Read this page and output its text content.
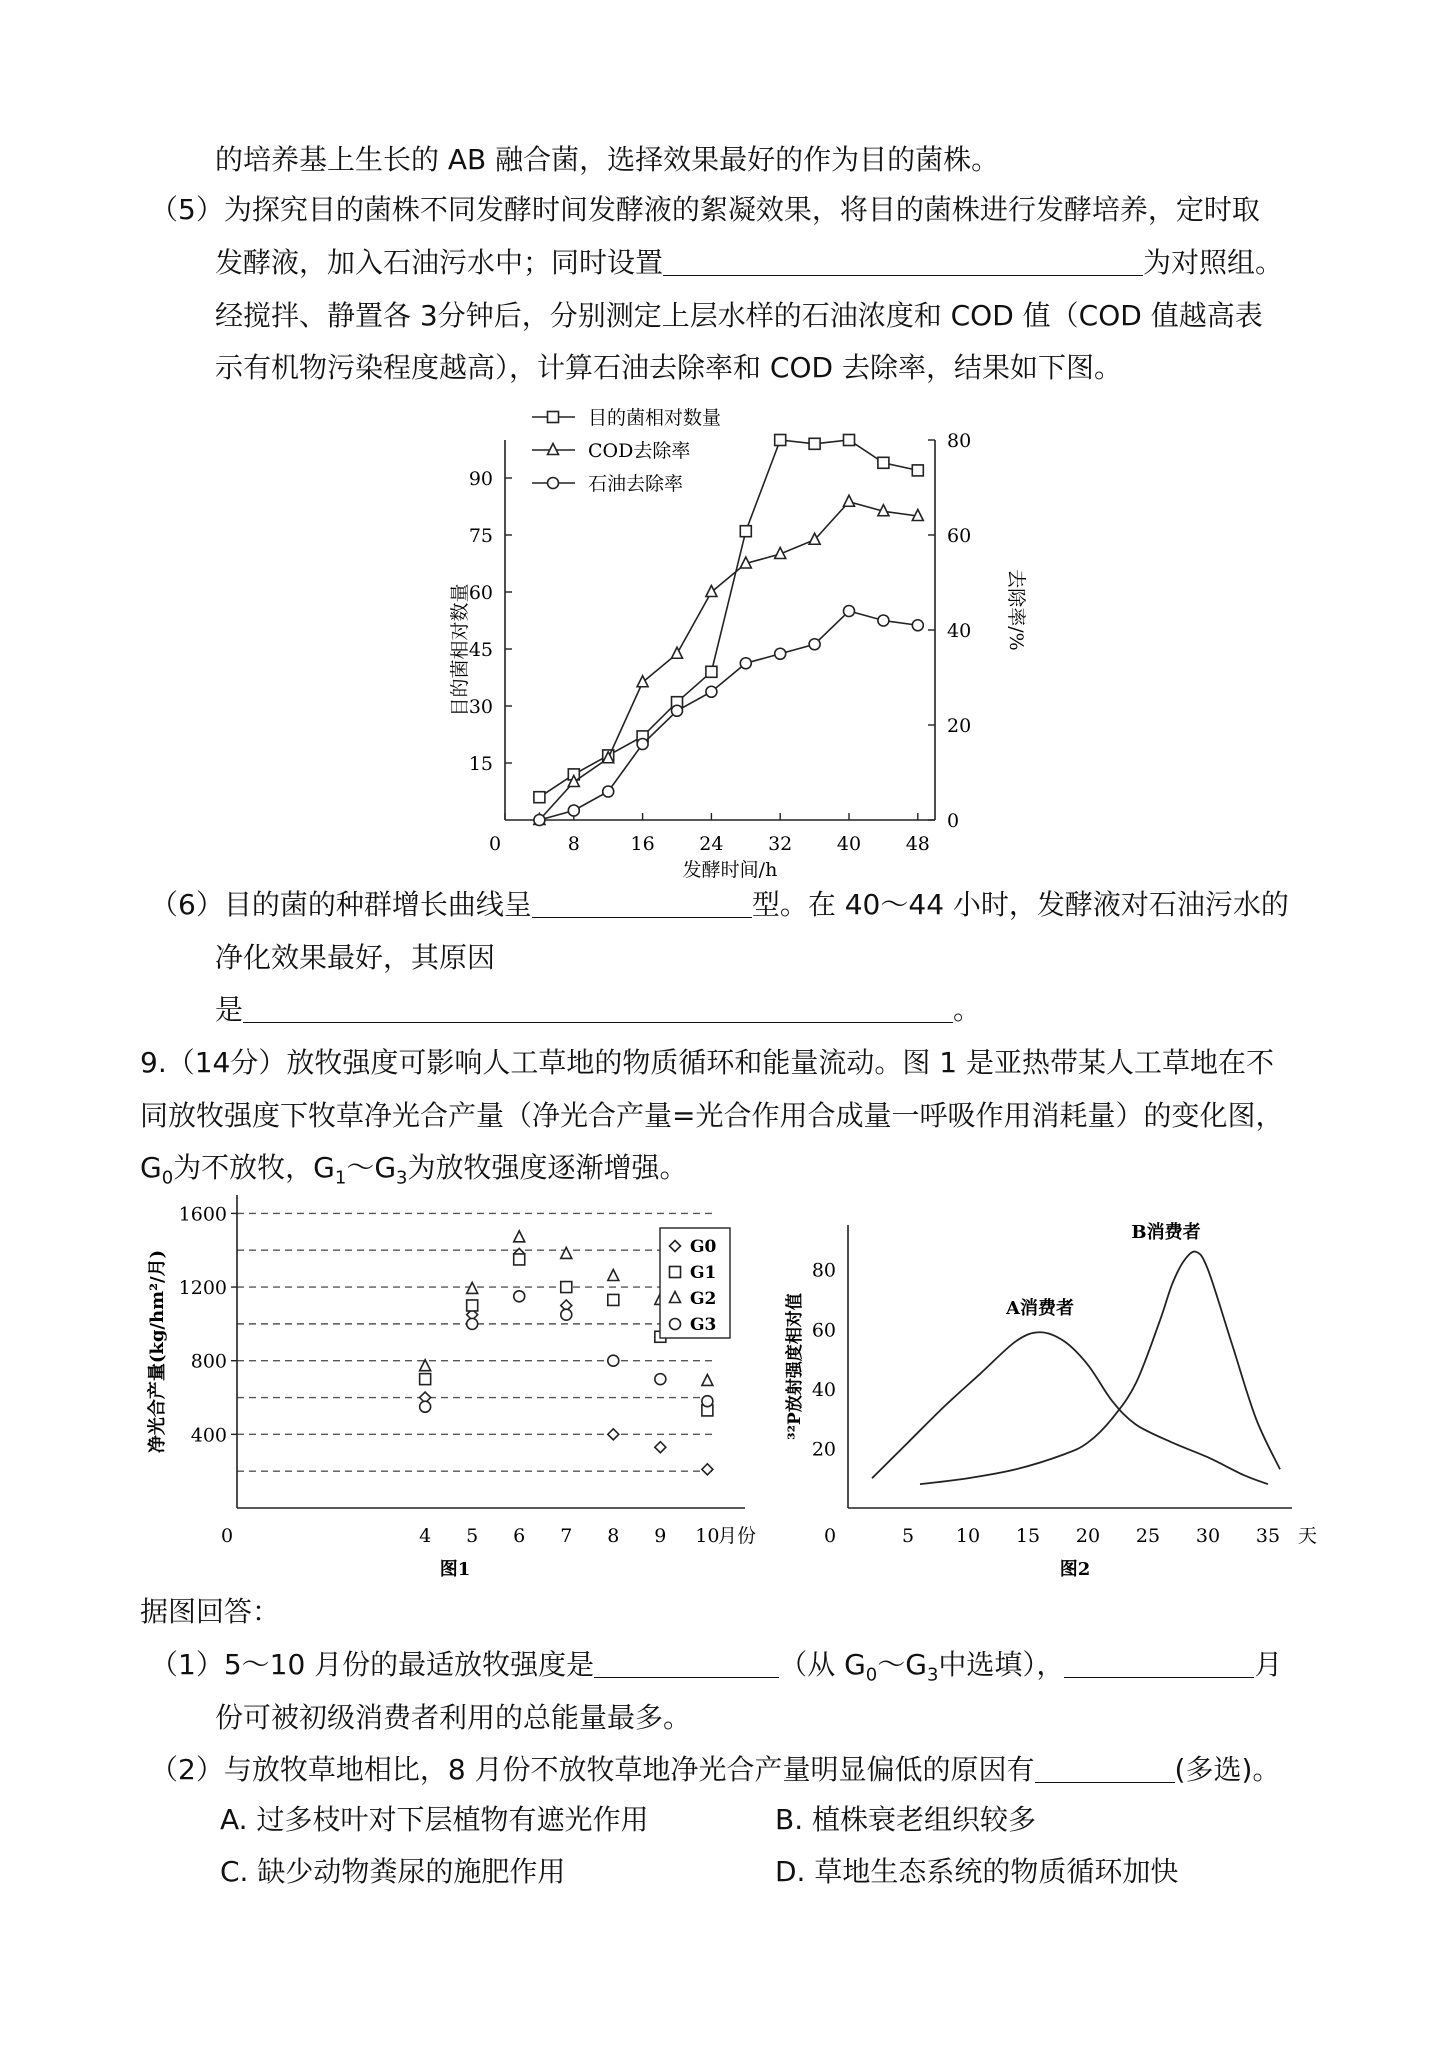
的培养基上生长的 AB 融合菌，选择效果最好的作为目的菌株。
（5）为探究目的菌株不同发酵时间发酵液的絮凝效果，将目的菌株进行发酵培养，定时取
发酵液，加入石油污水中；同时设置	为对照组。
经搅拌、静置各 3分钟后，分别测定上层水样的石油浓度和 COD 值（COD 值越高表
示有机物污染程度越高），计算石油去除率和 COD 去除率，结果如下图。
0	8	16 24 32 40 48
15
30
45
60
75
90
0
20
40
60
80
发酵时间/h
目的菌相对数量	去除率/%
目的菌相对数量
COD去除率
石油去除率
（6）目的菌的种群增长曲线呈	型。在 40～44 小时，发酵液对石油污水的
净化效果最好，其原因
是	。
9.（14分）放牧强度可影响人工草地的物质循环和能量流动。图 1 是亚热带某人工草地在不
同放牧强度下牧草净光合产量（净光合产量=光合作用合成量一呼吸作用消耗量）的变化图，
$G_0$为不放牧，$G_1\sim G_3$为放牧强度逐渐增强。
0	4 5 6 7 8 9 10
400
800
1200
1600
月份
净光合产量(kg/hm²/月)
图1
G0
G1
G2
G3
0	5 10 15 20 25 30 35
20
40
60
80
天
³²P放射强度相对值
图2
A消费者
B消费者
据图回答：
（1）5～10 月份的最适放牧强度是	（从 $G_0\sim G_3$中选填），	月
份可被初级消费者利用的总能量最多。
（2）与放牧草地相比，8 月份不放牧草地净光合产量明显偏低的原因有	(多选)。
A. 过多枝叶对下层植物有遮光作用	B. 植株衰老组织较多
C. 缺少动物粪尿的施肥作用	D. 草地生态系统的物质循环加快
